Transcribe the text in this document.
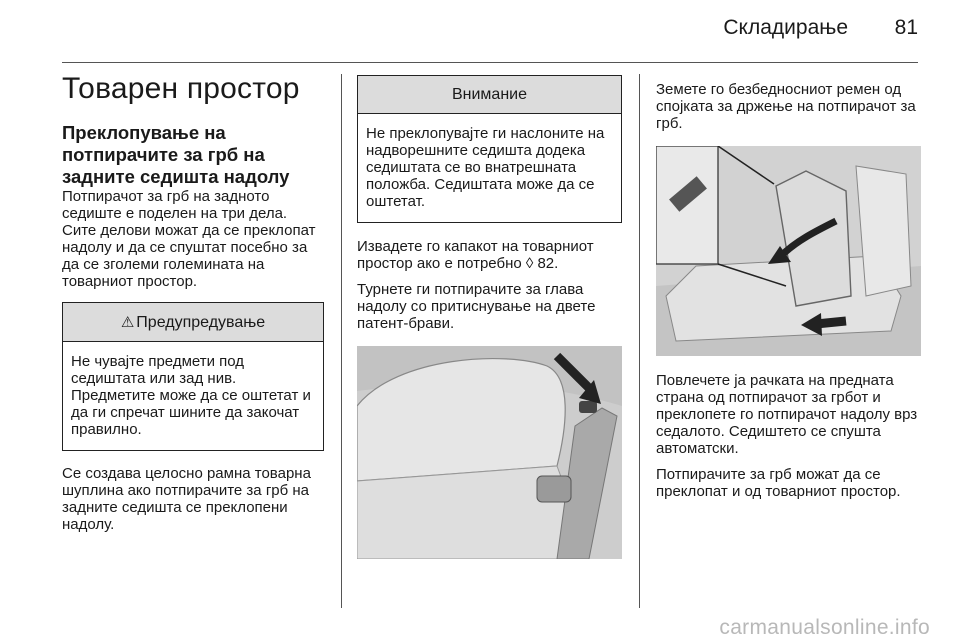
Складирање 81
Товарен простор
Преклопување на потпирачите за грб на задните седишта надолу

Потпирачот за грб на задното седиште е поделен на три дела. Сите делови можат да се преклопат надолу и да се спуштат посебно за да се зголеми големината на товарниот простор.

⚠ Предупредување
Не чувајте предмети под седиштата или зад нив. Предметите може да се оштетат и да ги спречат шините да закочат правилно.

Се создава целосно рамна товарна шуплина ако потпирачите за грб на задните седишта се преклопени надолу.

Внимание
Не преклопувајте ги наслоните на надворешните седишта додека седиштата се во внатрешната положба. Седиштата може да се оштетат.

Извадете го капакот на товарниот простор ако е потребно ◊ 82.

Турнете ги потпирачите за глава надолу со притиснување на двете патент-брави.

Земете го безбедносниот ремен од спојката за држење на потпирачот за грб.

Повлечете ја рачката на предната страна од потпирачот за грбот и преклопете го потпирачот надолу врз седалото. Седиштето се спушта автоматски.

Потпирачите за грб можат да се преклопат и од товарниот простор.

carmanualsonline.info
